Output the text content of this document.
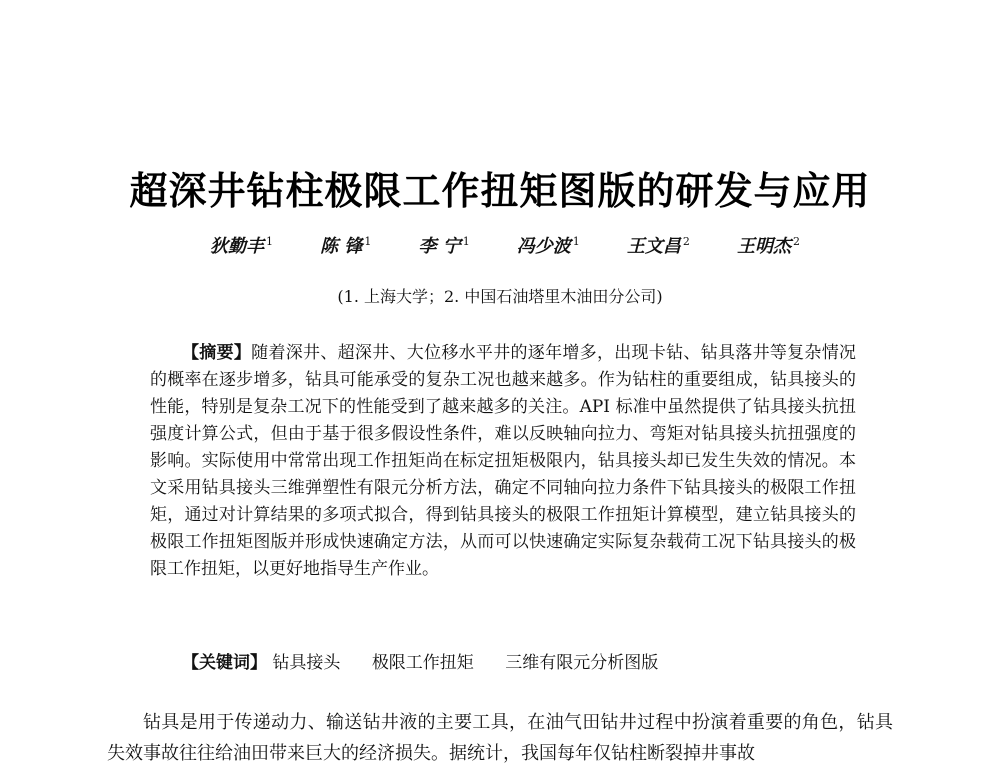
超深井钻柱极限工作扭矩图版的研发与应用
狄勤丰 $^1$	陈 锋 $^1$	李 宁 $^1$	冯少波 $^1$	王文昌 $^2$	王明杰 $^2$
(1. 上海大学；2. 中国石油塔里木油田分公司)
【摘要】随着深井、超深井、大位移水平井的逐年增多，出现卡钻、钻具落井等复杂情况的概率在逐步增多，钻具可能承受的复杂工况也越来越多。作为钻柱的重要组成，钻具接头的性能，特别是复杂工况下的性能受到了越来越多的关注。API 标准中虽然提供了钻具接头抗扭强度计算公式，但由于基于很多假设性条件，难以反映轴向拉力、弯矩对钻具接头抗扭强度的影响。实际使用中常常出现工作扭矩尚在标定扭矩极限内，钻具接头却已发生失效的情况。本文采用钻具接头三维弹塑性有限元分析方法，确定不同轴向拉力条件下钻具接头的极限工作扭矩，通过对计算结果的多项式拟合，得到钻具接头的极限工作扭矩计算模型，建立钻具接头的极限工作扭矩图版并形成快速确定方法，从而可以快速确定实际复杂载荷工况下钻具接头的极限工作扭矩，以更好地指导生产作业。
【关键词】 钻具接头 极限工作扭矩 三维有限元分析图版

钻具是用于传递动力、输送钻井液的主要工具，在油气田钻井过程中扮演着重要的角色，钻具失效事故往往给油田带来巨大的经济损失。据统计，我国每年仅钻柱断裂掉井事故
